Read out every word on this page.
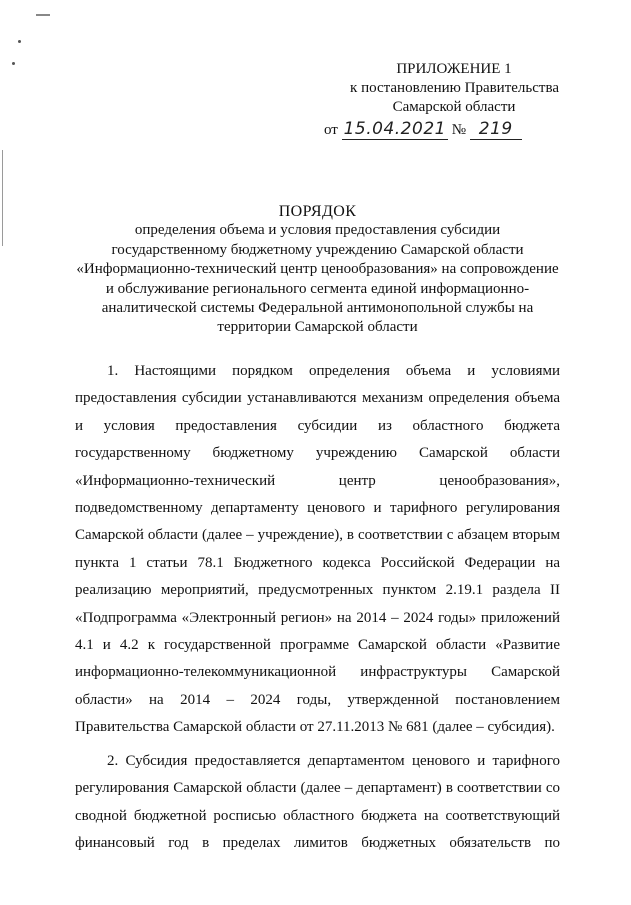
ПРИЛОЖЕНИЕ 1
к постановлению Правительства
Самарской области
от 15.04.2021 № 219
ПОРЯДОК
определения объема и условия предоставления субсидии
государственному бюджетному учреждению Самарской области
«Информационно-технический центр ценообразования» на сопровождение
и обслуживание регионального сегмента единой информационно-
аналитической системы Федеральной антимонопольной службы на
территории Самарской области

1. Настоящими порядком определения объема и условиями

предоставления субсидии устанавливаются механизм определения объема

и условия предоставления субсидии из областного бюджета

государственному бюджетному учреждению Самарской области

«Информационно-технический центр ценообразования»,

подведомственному департаменту ценового и тарифного регулирования

Самарской области (далее – учреждение), в соответствии с абзацем вторым

пункта 1 статьи 78.1 Бюджетного кодекса Российской Федерации на

реализацию мероприятий, предусмотренных пунктом 2.19.1 раздела II

«Подпрограмма «Электронный регион» на 2014 – 2024 годы» приложений

4.1 и 4.2 к государственной программе Самарской области «Развитие

информационно-телекоммуникационной инфраструктуры Самарской

области» на 2014 – 2024 годы, утвержденной постановлением

Правительства Самарской области от 27.11.2013 № 681 (далее – субсидия).

2. Субсидия предоставляется департаментом ценового и тарифного

регулирования Самарской области (далее – департамент) в соответствии со

сводной бюджетной росписью областного бюджета на соответствующий

финансовый год в пределах лимитов бюджетных обязательств по
